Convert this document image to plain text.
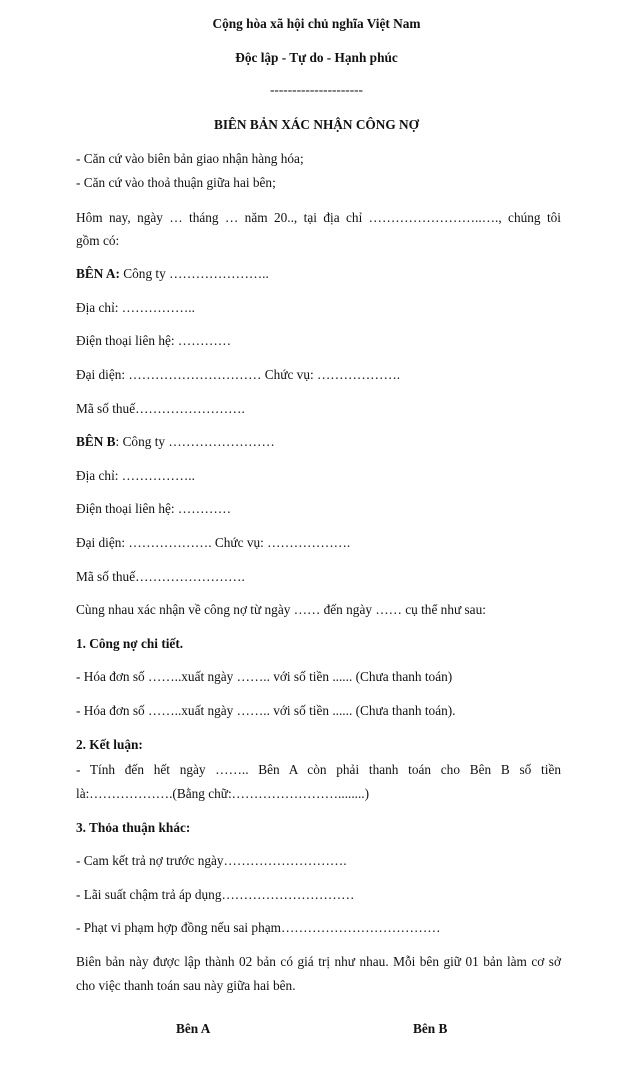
Cộng hòa xã hội chủ nghĩa Việt Nam
Độc lập - Tự do - Hạnh phúc
---------------------
BIÊN BẢN XÁC NHẬN CÔNG NỢ
- Căn cứ vào biên bản giao nhận hàng hóa;
- Căn cứ vào thoả thuận giữa hai bên;
Hôm nay, ngày … tháng … năm 20.., tại địa chỉ ……………………..…., chúng tôi
gồm có:
BÊN A: Công ty …………………..
Địa chỉ: ……………..
Điện thoại liên hệ: …………
Đại diện: ………………………… Chức vụ: ……………….
Mã số thuế…………………….
BÊN B: Công ty ……………………
Địa chỉ: ……………..
Điện thoại liên hệ: …………
Đại diện: ………………. Chức vụ: ……………….
Mã số thuế…………………….
Cùng nhau xác nhận về công nợ từ ngày …… đến ngày …… cụ thể như sau:
1. Công nợ chi tiết.
- Hóa đơn số ……..xuất ngày …….. với số tiền ...... (Chưa thanh toán)
- Hóa đơn số ……..xuất ngày …….. với số tiền ...... (Chưa thanh toán).
2. Kết luận:
- Tính đến hết ngày …….. Bên A còn phải thanh toán cho Bên B số tiền
là:……………….(Bằng chữ:……………………........)
3. Thỏa thuận khác:
- Cam kết trả nợ trước ngày……………………….
- Lãi suất chậm trả áp dụng…………………………
- Phạt vi phạm hợp đồng nếu sai phạm………………………………
Biên bản này được lập thành 02 bản có giá trị như nhau. Mỗi bên giữ 01 bản làm cơ sở
cho việc thanh toán sau này giữa hai bên.
Bên A	Bên B
